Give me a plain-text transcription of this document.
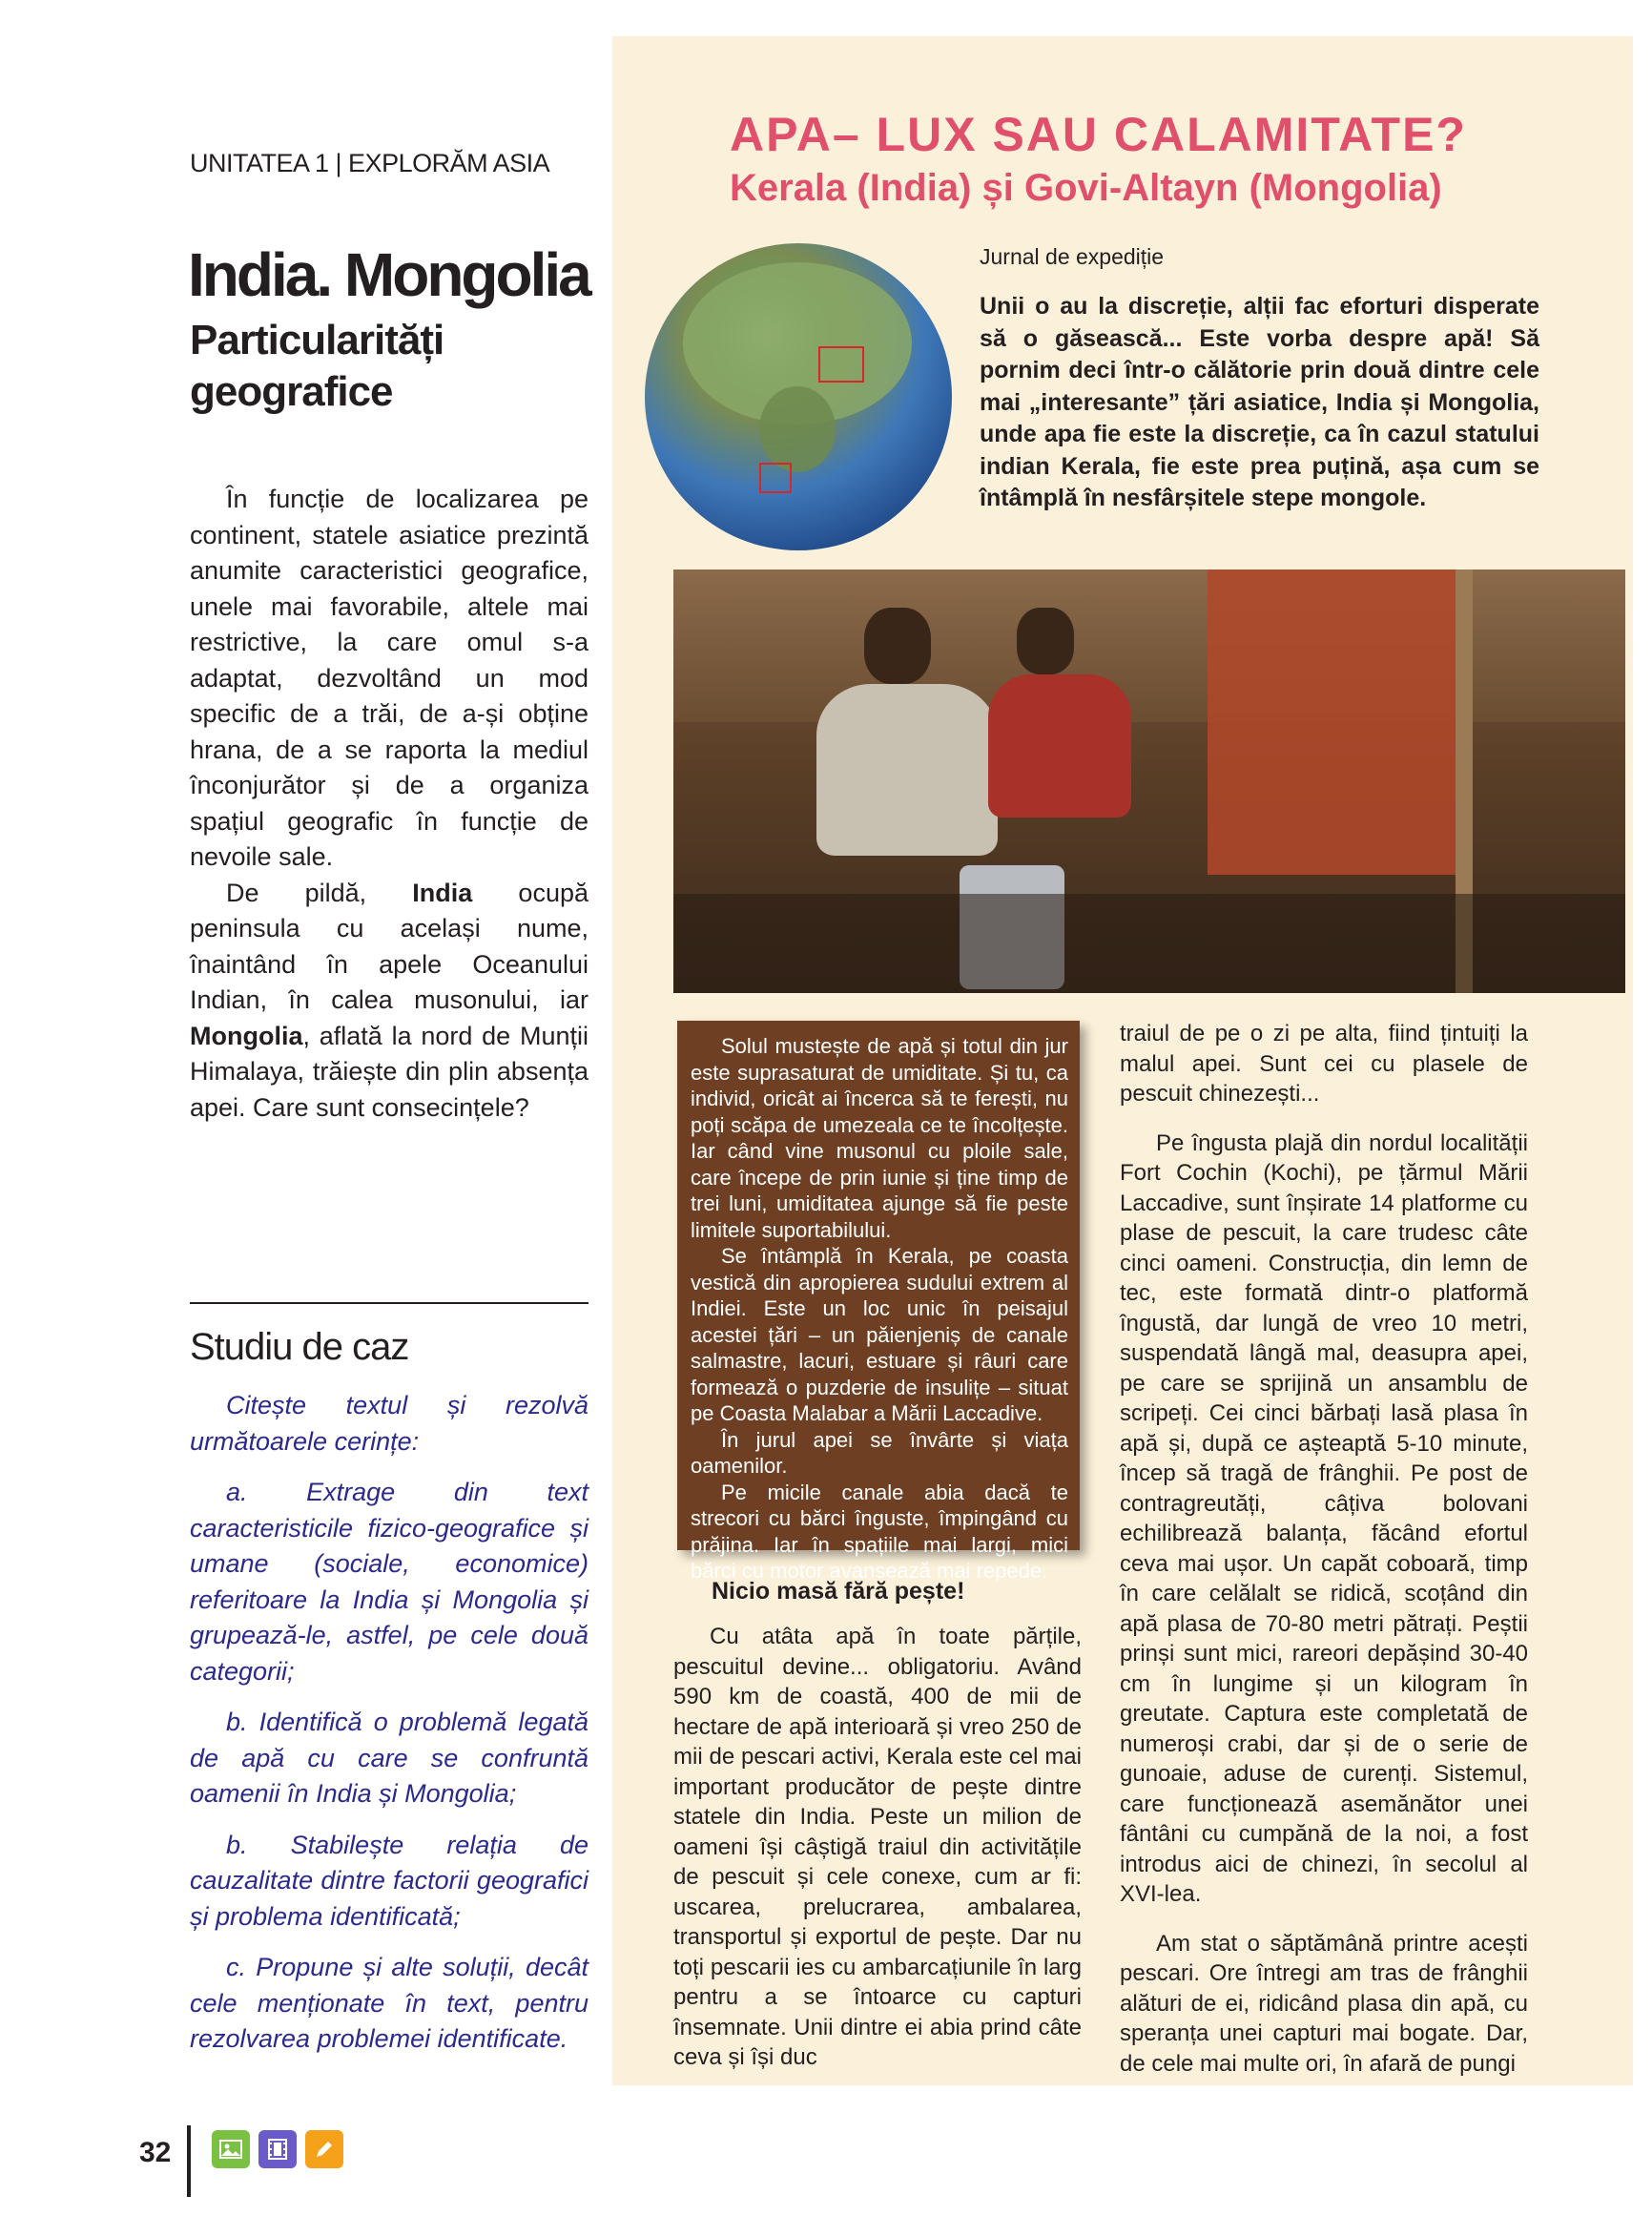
UNITATEA 1 | EXPLORĂM ASIA
India. Mongolia
Particularități geografice

În funcție de localizarea pe continent, statele asiatice prezintă anumite caracteristici geografice, unele mai favorabile, altele mai restrictive, la care omul s-a adaptat, dezvoltând un mod specific de a trăi, de a-și obține hrana, de a se raporta la mediul înconjurător și de a organiza spațiul geografic în funcție de nevoile sale.

De pildă, India ocupă peninsula cu același nume, înaintând în apele Oceanului Indian, în calea musonului, iar Mongolia, aflată la nord de Munții Himalaya, trăiește din plin absența apei. Care sunt consecințele?

Studiu de caz

Citește textul și rezolvă următoarele cerințe:

a. Extrage din text caracteristicile fizico-geografice și umane (sociale, economice) referitoare la India și Mongolia și grupează-le, astfel, pe cele două categorii;

b. Identifică o problemă legată de apă cu care se confruntă oamenii în India și Mongolia;

b. Stabilește relația de cauzalitate dintre factorii geografici și problema identificată;

c. Propune și alte soluții, decât cele menționate în text, pentru rezolvarea problemei identificate.

APA– LUX SAU CALAMITATE?
Kerala (India) și Govi-Altayn (Mongolia)
Jurnal de expediție
Unii o au la discreție, alții fac eforturi disperate să o găsească... Este vorba despre apă! Să pornim deci într-o călătorie prin două dintre cele mai „interesante” țări asiatice, India și Mongolia, unde apa fie este la discreție, ca în cazul statului indian Kerala, fie este prea puțină, așa cum se întâmplă în nesfârșitele stepe mongole.

Solul mustește de apă și totul din jur este suprasaturat de umiditate. Și tu, ca individ, oricât ai încerca să te ferești, nu poți scăpa de umezeala ce te încolțește. Iar când vine musonul cu ploile sale, care începe de prin iunie și ține timp de trei luni, umiditatea ajunge să fie peste limitele suportabilului.

Se întâmplă în Kerala, pe coasta vestică din apropierea sudului extrem al Indiei. Este un loc unic în peisajul acestei țări – un păienjeniș de canale salmastre, lacuri, estuare și râuri care formează o puzderie de insulițe – situat pe Coasta Malabar a Mării Laccadive.

În jurul apei se învârte și viața oamenilor.

Pe micile canale abia dacă te strecori cu bărci înguste, împingând cu prăjina. Iar în spațiile mai largi, mici bărci cu motor avansează mai repede.

Nicio masă fără pește!

Cu atâta apă în toate părțile, pescuitul devine... obligatoriu. Având 590 km de coastă, 400 de mii de hectare de apă interioară și vreo 250 de mii de pescari activi, Kerala este cel mai important producător de pește dintre statele din India. Peste un milion de oameni își câștigă traiul din activitățile de pescuit și cele conexe, cum ar fi: uscarea, prelucrarea, ambalarea, transportul și exportul de pește. Dar nu toți pescarii ies cu ambarcațiunile în larg pentru a se întoarce cu capturi însemnate. Unii dintre ei abia prind câte ceva și își duc

traiul de pe o zi pe alta, fiind țintuiți la malul apei. Sunt cei cu plasele de pescuit chinezești...

Pe îngusta plajă din nordul localității Fort Cochin (Kochi), pe țărmul Mării Laccadive, sunt înșirate 14 platforme cu plase de pescuit, la care trudesc câte cinci oameni. Construcția, din lemn de tec, este formată dintr-o platformă îngustă, dar lungă de vreo 10 metri, suspendată lângă mal, deasupra apei, pe care se sprijină un ansamblu de scripeți. Cei cinci bărbați lasă plasa în apă și, după ce așteaptă 5-10 minute, încep să tragă de frânghii. Pe post de contragreutăți, câțiva bolovani echilibrează balanța, făcând efortul ceva mai ușor. Un capăt coboară, timp în care celălalt se ridică, scoțând din apă plasa de 70-80 metri pătrați. Peștii prinși sunt mici, rareori depășind 30-40 cm în lungime și un kilogram în greutate. Captura este completată de numeroși crabi, dar și de o serie de gunoaie, aduse de curenți. Sistemul, care funcționează asemănător unei fântâni cu cumpănă de la noi, a fost introdus aici de chinezi, în secolul al XVI-lea.

Am stat o săptămână printre acești pescari. Ore întregi am tras de frânghii alături de ei, ridicând plasa din apă, cu speranța unei capturi mai bogate. Dar, de cele mai multe ori, în afară de pungi

32
